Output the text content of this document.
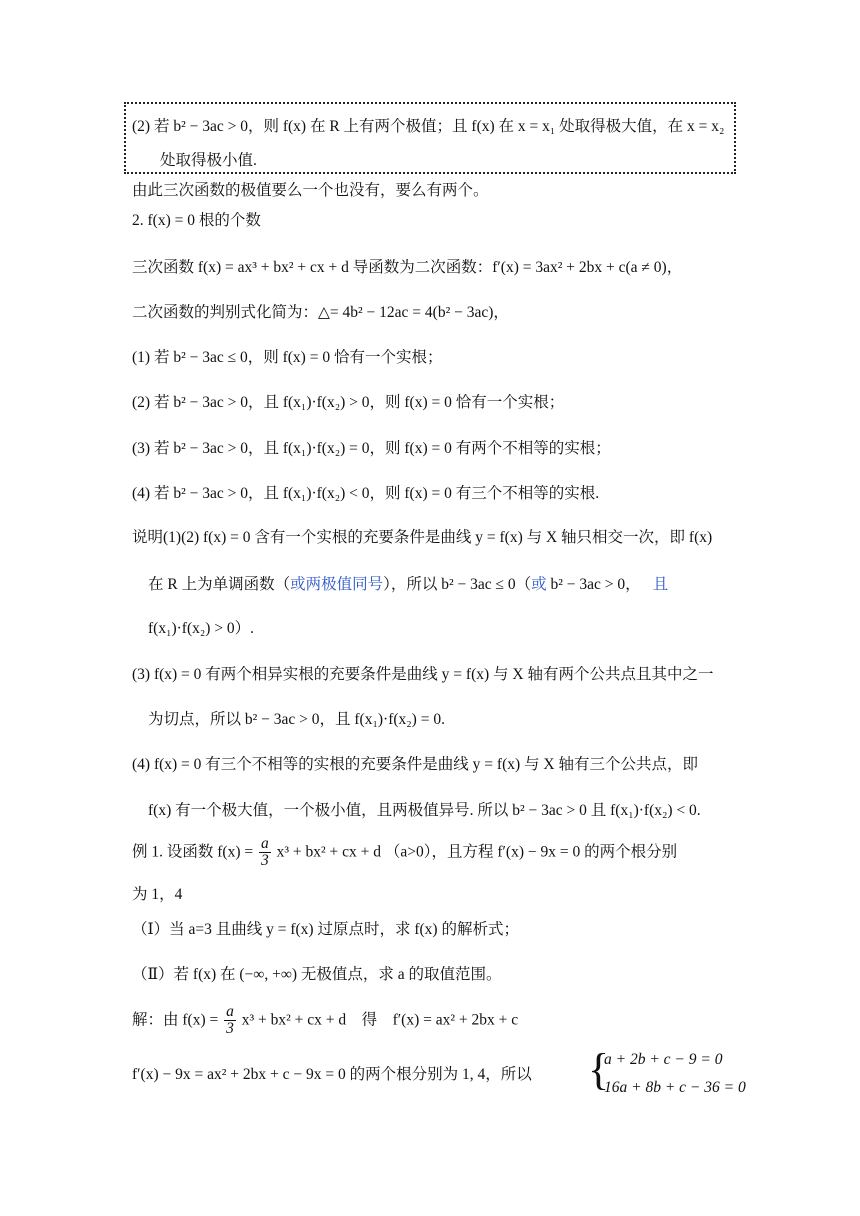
(2) 若 b² − 3ac > 0，则 f(x) 在 R 上有两个极值；且 f(x) 在 x = x₁ 处取得极大值，在 x = x₂
处取得极小值.
由此三次函数的极值要么一个也没有，要么有两个。
2. f(x) = 0 根的个数
三次函数 f(x) = ax³ + bx² + cx + d 导函数为二次函数：f′(x) = 3ax² + 2bx + c(a ≠ 0)，
二次函数的判别式化简为：△= 4b² − 12ac = 4(b² − 3ac)，
(1) 若 b² − 3ac ≤ 0，则 f(x) = 0 恰有一个实根；
(2) 若 b² − 3ac > 0，且 f(x₁)·f(x₂) > 0，则 f(x) = 0 恰有一个实根；
(3) 若 b² − 3ac > 0，且 f(x₁)·f(x₂) = 0，则 f(x) = 0 有两个不相等的实根；
(4) 若 b² − 3ac > 0，且 f(x₁)·f(x₂) < 0，则 f(x) = 0 有三个不相等的实根.
说明(1)(2) f(x) = 0 含有一个实根的充要条件是曲线 y = f(x) 与 X 轴只相交一次，即 f(x)
在 R 上为单调函数（或两极值同号），所以 b² − 3ac ≤ 0（或 b² − 3ac > 0， 且
f(x₁)·f(x₂) > 0）.
(3) f(x) = 0 有两个相异实根的充要条件是曲线 y = f(x) 与 X 轴有两个公共点且其中之一
为切点，所以 b² − 3ac > 0，且 f(x₁)·f(x₂) = 0.
(4) f(x) = 0 有三个不相等的实根的充要条件是曲线 y = f(x) 与 X 轴有三个公共点，即
f(x) 有一个极大值，一个极小值，且两极值异号. 所以 b² − 3ac > 0 且 f(x₁)·f(x₂) < 0.
例 1. 设函数 $f(x) = \frac{a}{3} x^3 + bx^2$ + cx + d （a>0），且方程 f′(x) − 9x = 0 的两个根分别
为 1，4
（Ⅰ）当 a=3 且曲线 y = f(x) 过原点时，求 f(x) 的解析式；
（Ⅱ）若 f(x) 在 (−∞, +∞) 无极值点，求 a 的取值范围。
解：由 $f(x) = \frac{a}{3} x^3 + bx^2$ + cx + d　得　f′(x) = ax² + 2bx + c
f′(x) − 9x = ax² + 2bx + c − 9x = 0 的两个根分别为 1, 4，所以 {
a + 2b + c − 9 = 0
16a + 8b + c − 36 = 0
